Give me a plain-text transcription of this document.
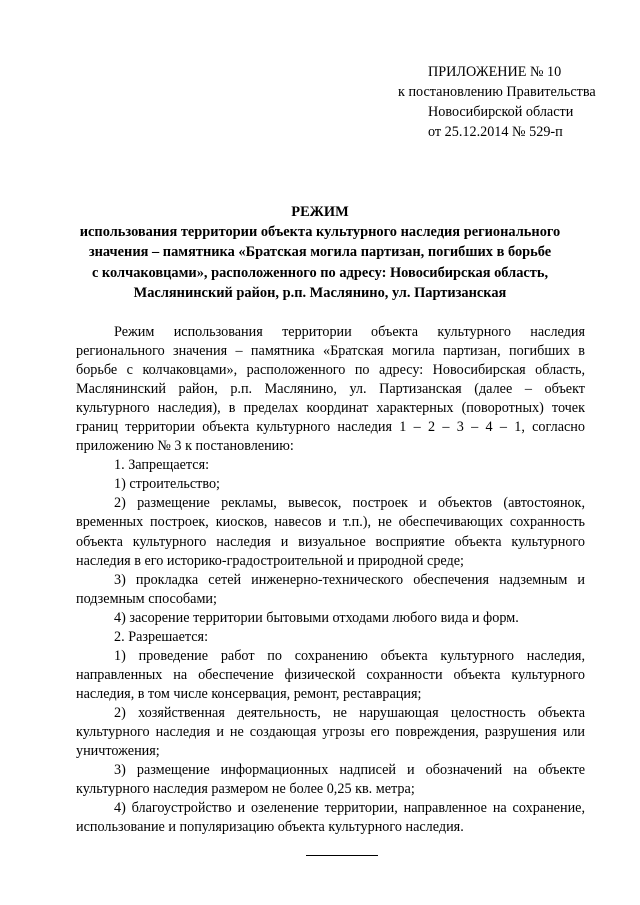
ПРИЛОЖЕНИЕ № 10
к постановлению Правительства
Новосибирской области
от 25.12.2014 № 529-п
РЕЖИМ
использования территории объекта культурного наследия регионального
значения – памятника «Братская могила партизан, погибших в борьбе
с колчаковцами», расположенного по адресу: Новосибирская область,
Маслянинский район, р.п. Маслянино, ул. Партизанская
Режим использования территории объекта культурного наследия регионального значения – памятника «Братская могила партизан, погибших в борьбе с колчаковцами», расположенного по адресу: Новосибирская область, Маслянинский район, р.п. Маслянино, ул. Партизанская (далее – объект культурного наследия), в пределах координат характерных (поворотных) точек границ территории объекта культурного наследия 1 – 2 – 3 – 4 – 1, согласно приложению № 3 к постановлению:
1. Запрещается:
1) строительство;
2) размещение рекламы, вывесок, построек и объектов (автостоянок, временных построек, киосков, навесов и т.п.), не обеспечивающих сохранность объекта культурного наследия и визуальное восприятие объекта культурного наследия в его историко-градостроительной и природной среде;
3) прокладка сетей инженерно-технического обеспечения надземным и подземным способами;
4) засорение территории бытовыми отходами любого вида и форм.
2. Разрешается:
1) проведение работ по сохранению объекта культурного наследия, направленных на обеспечение физической сохранности объекта культурного наследия, в том числе консервация, ремонт, реставрация;
2) хозяйственная деятельность, не нарушающая целостность объекта культурного наследия и не создающая угрозы его повреждения, разрушения или уничтожения;
3) размещение информационных надписей и обозначений на объекте культурного наследия размером не более 0,25 кв. метра;
4) благоустройство и озеленение территории, направленное на сохранение, использование и популяризацию объекта культурного наследия.
